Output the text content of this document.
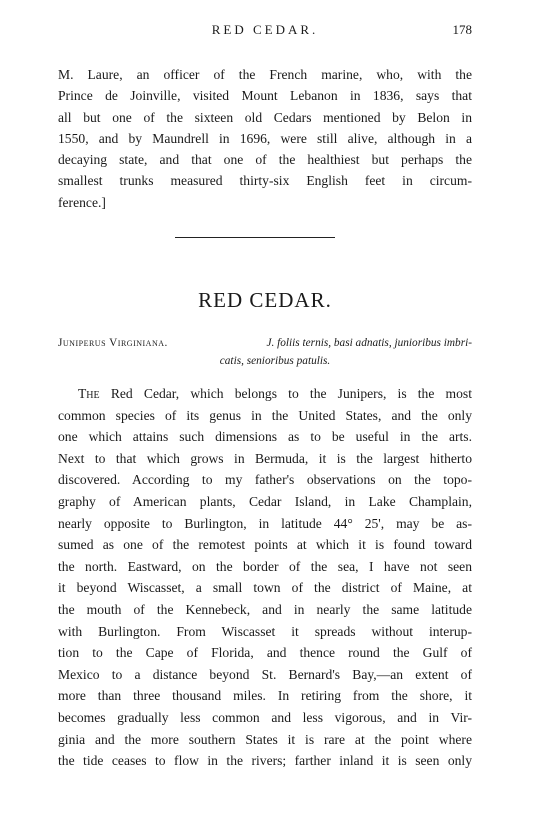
RED CEDAR.	178

M. Laure, an officer of the French marine, who, with the

Prince de Joinville, visited Mount Lebanon in 1836, says that

all but one of the sixteen old Cedars mentioned by Belon in

1550, and by Maundrell in 1696, were still alive, although in a

decaying state, and that one of the healthiest but perhaps the

smallest trunks measured thirty-six English feet in circum-

ference.]

RED CEDAR.
Juniperus Virginiana.	J. foliis ternis, basi adnatis, junioribus imbri-
catis, senioribus patulis.

The Red Cedar, which belongs to the Junipers, is the most

common species of its genus in the United States, and the only

one which attains such dimensions as to be useful in the arts.

Next to that which grows in Bermuda, it is the largest hitherto

discovered. According to my father's observations on the topo-

graphy of American plants, Cedar Island, in Lake Champlain,

nearly opposite to Burlington, in latitude 44° 25', may be as-

sumed as one of the remotest points at which it is found toward

the north. Eastward, on the border of the sea, I have not seen

it beyond Wiscasset, a small town of the district of Maine, at

the mouth of the Kennebeck, and in nearly the same latitude

with Burlington. From Wiscasset it spreads without interup-

tion to the Cape of Florida, and thence round the Gulf of

Mexico to a distance beyond St. Bernard's Bay,—an extent of

more than three thousand miles. In retiring from the shore, it

becomes gradually less common and less vigorous, and in Vir-

ginia and the more southern States it is rare at the point where

the tide ceases to flow in the rivers; farther inland it is seen only
